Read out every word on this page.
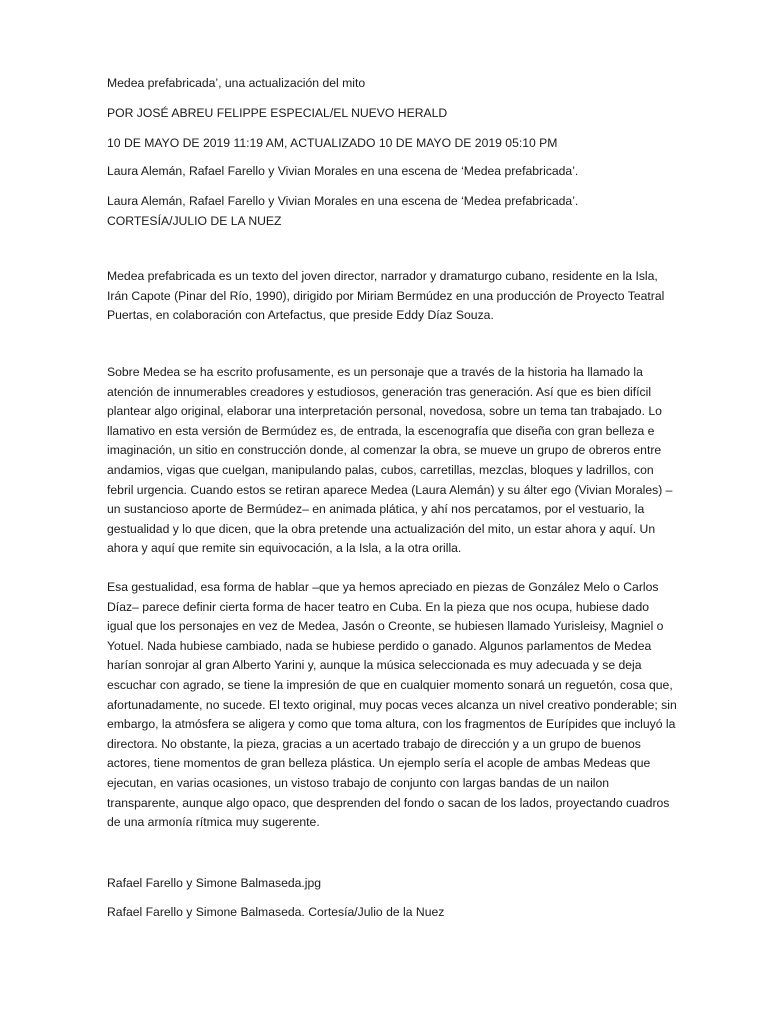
Medea prefabricada’, una actualización del mito

POR JOSÉ ABREU FELIPPE ESPECIAL/EL NUEVO HERALD

10 DE MAYO DE 2019 11:19 AM, ACTUALIZADO 10 DE MAYO DE 2019 05:10 PM

Laura Alemán, Rafael Farello y Vivian Morales en una escena de ‘Medea prefabricada’.

Laura Alemán, Rafael Farello y Vivian Morales en una escena de ‘Medea prefabricada’. CORTESÍA/JULIO DE LA NUEZ

Medea prefabricada es un texto del joven director, narrador y dramaturgo cubano, residente en la Isla, Irán Capote (Pinar del Río, 1990), dirigido por Miriam Bermúdez en una producción de Proyecto Teatral Puertas, en colaboración con Artefactus, que preside Eddy Díaz Souza.

Sobre Medea se ha escrito profusamente, es un personaje que a través de la historia ha llamado la atención de innumerables creadores y estudiosos, generación tras generación. Así que es bien difícil plantear algo original, elaborar una interpretación personal, novedosa, sobre un tema tan trabajado. Lo llamativo en esta versión de Bermúdez es, de entrada, la escenografía que diseña con gran belleza e imaginación, un sitio en construcción donde, al comenzar la obra, se mueve un grupo de obreros entre andamios, vigas que cuelgan, manipulando palas, cubos, carretillas, mezclas, bloques y ladrillos, con febril urgencia. Cuando estos se retiran aparece Medea (Laura Alemán) y su álter ego (Vivian Morales) – un sustancioso aporte de Bermúdez– en animada plática, y ahí nos percatamos, por el vestuario, la gestualidad y lo que dicen, que la obra pretende una actualización del mito, un estar ahora y aquí. Un ahora y aquí que remite sin equivocación, a la Isla, a la otra orilla.

Esa gestualidad, esa forma de hablar –que ya hemos apreciado en piezas de González Melo o Carlos Díaz– parece definir cierta forma de hacer teatro en Cuba. En la pieza que nos ocupa, hubiese dado igual que los personajes en vez de Medea, Jasón o Creonte, se hubiesen llamado Yurisleisy, Magniel o Yotuel. Nada hubiese cambiado, nada se hubiese perdido o ganado. Algunos parlamentos de Medea harían sonrojar al gran Alberto Yarini y, aunque la música seleccionada es muy adecuada y se deja escuchar con agrado, se tiene la impresión de que en cualquier momento sonará un reguetón, cosa que, afortunadamente, no sucede. El texto original, muy pocas veces alcanza un nivel creativo ponderable; sin embargo, la atmósfera se aligera y como que toma altura, con los fragmentos de Eurípides que incluyó la directora. No obstante, la pieza, gracias a un acertado trabajo de dirección y a un grupo de buenos actores, tiene momentos de gran belleza plástica. Un ejemplo sería el acople de ambas Medeas que ejecutan, en varias ocasiones, un vistoso trabajo de conjunto con largas bandas de un nailon transparente, aunque algo opaco, que desprenden del fondo o sacan de los lados, proyectando cuadros de una armonía rítmica muy sugerente.

Rafael Farello y Simone Balmaseda.jpg

Rafael Farello y Simone Balmaseda. Cortesía/Julio de la Nuez
